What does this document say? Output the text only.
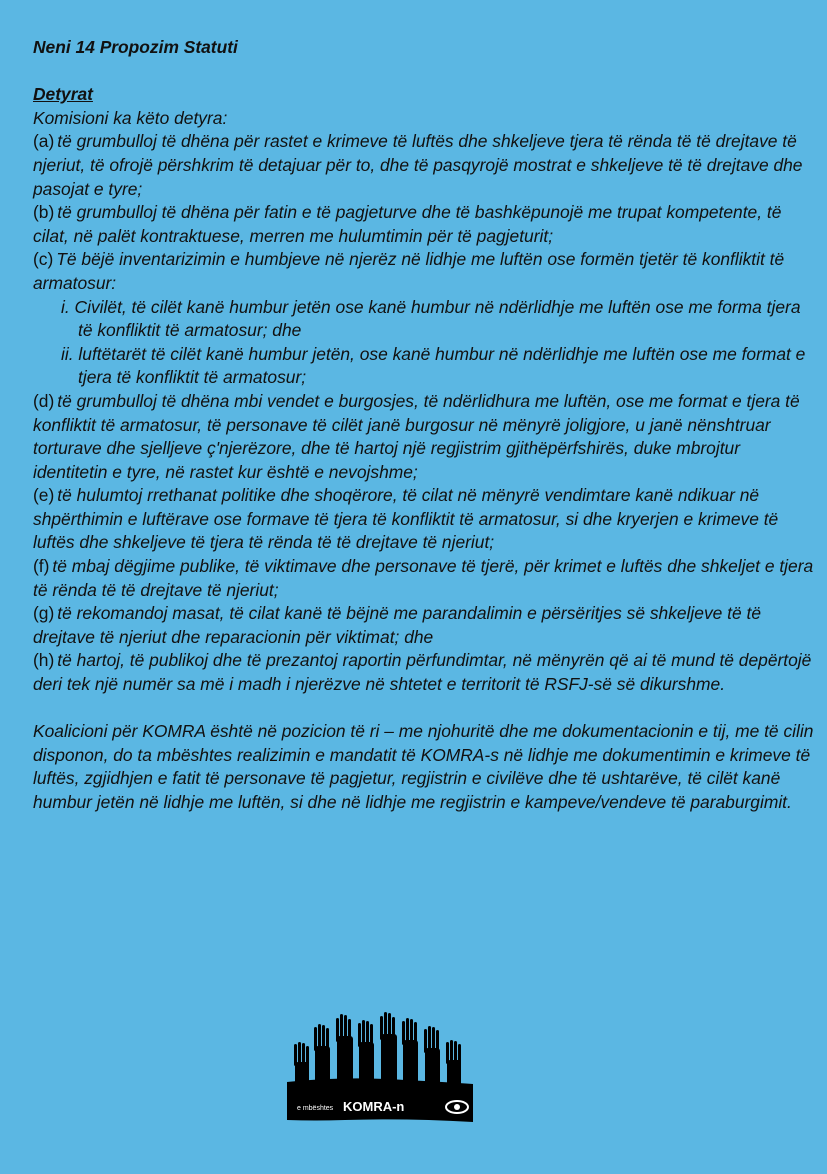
Neni 14 Propozim Statuti

Detyrat

Komisioni ka këto detyra:

(a) të grumbulloj të dhëna për rastet e krimeve të luftës dhe shkeljeve tjera të rënda të të drejtave të njeriut, të ofrojë përshkrim të detajuar për to, dhe të pasqyrojë mostrat e shkeljeve të të drejtave dhe pasojat e tyre;

(b) të grumbulloj të dhëna për fatin e të pagjeturve dhe të bashkëpunojë me trupat kompetente, të cilat, në palët kontraktuese, merren me hulumtimin për të pagjeturit;

(c) Të bëjë inventarizimin e humbjeve në njerëz në lidhje me luftën ose formën tjetër të konfliktit të armatosur:

i. Civilët, të cilët kanë humbur jetën ose kanë humbur në ndërlidhje me luftën ose me forma tjera të konfliktit të armatosur; dhe

ii. luftëtarët të cilët kanë humbur jetën, ose kanë humbur në ndërlidhje me luftën ose me format e tjera të konfliktit të armatosur;

(d) të grumbulloj të dhëna mbi vendet e burgosjes, të ndërlidhura me luftën, ose me format e tjera të konfliktit të armatosur, të personave të cilët janë burgosur në mënyrë joligjore, u janë nënshtruar torturave dhe sjelljeve ç'njerëzore, dhe të hartoj një regjistrim gjithëpërfshirës, duke mbrojtur identitetin e tyre, në rastet kur është e nevojshme;

(e) të hulumtoj rrethanat politike dhe shoqërore, të cilat në mënyrë vendimtare kanë ndikuar në shpërthimin e luftërave ose formave të tjera të konfliktit të armatosur, si dhe kryerjen e krimeve të luftës dhe shkeljeve të tjera të rënda të të drejtave të njeriut;

(f) të mbaj dëgjime publike, të viktimave dhe personave të tjerë, për krimet e luftës dhe shkeljet e tjera të rënda të të drejtave të njeriut;

(g) të rekomandoj masat, të cilat kanë të bëjnë me parandalimin e përsëritjes së shkeljeve të të drejtave të njeriut dhe reparacionin për viktimat; dhe

(h) të hartoj, të publikoj dhe të prezantoj raportin përfundimtar, në mënyrën që ai të mund të depërtojë deri tek një numër sa më i madh i njerëzve në shtetet e territorit të RSFJ-së së dikurshme.

Koalicioni për KOMRA është në pozicion të ri – me njohuritë dhe me dokumentacionin e tij, me të cilin disponon, do ta mbështes realizimin e mandatit të KOMRA-s në lidhje me dokumentimin e krimeve të luftës, zgjidhjen e fatit të personave të pagjetur, regjistrin e civilëve dhe të ushtarëve, të cilët kanë humbur jetën në lidhje me luftën, si dhe në lidhje me regjistrin e kampeve/vendeve të paraburgimit.

e mbështes KOMRA-n
